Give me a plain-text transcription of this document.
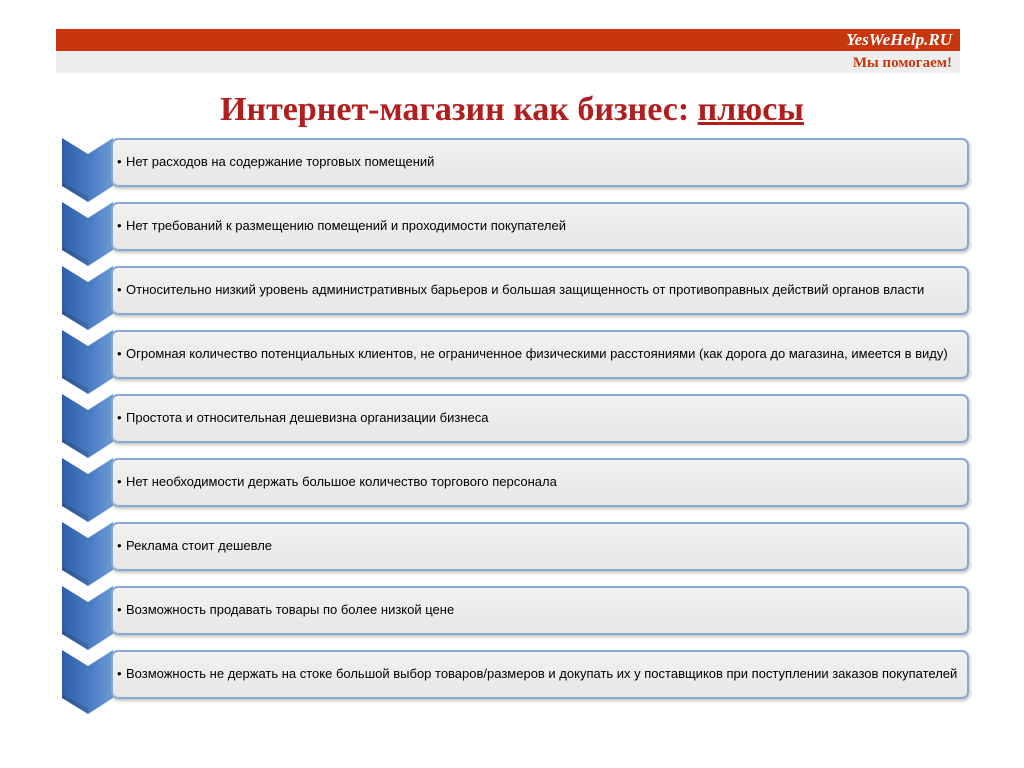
YesWeHelp.RU
Мы помогаем!
Интернет-магазин как бизнес: плюсы
• Нет расходов на содержание торговых помещений
• Нет требований к размещению помещений и проходимости покупателей
• Относительно низкий уровень административных барьеров и большая защищенность от противоправных действий органов власти
• Огромная количество потенциальных клиентов, не ограниченное физическими расстояниями (как дорога до магазина, имеется в виду)
• Простота и относительная дешевизна организации бизнеса
• Нет необходимости держать большое количество торгового персонала
• Реклама стоит дешевле
• Возможность продавать товары по более низкой цене
• Возможность не держать на стоке большой выбор товаров/размеров и докупать их у поставщиков при поступлении заказов покупателей
